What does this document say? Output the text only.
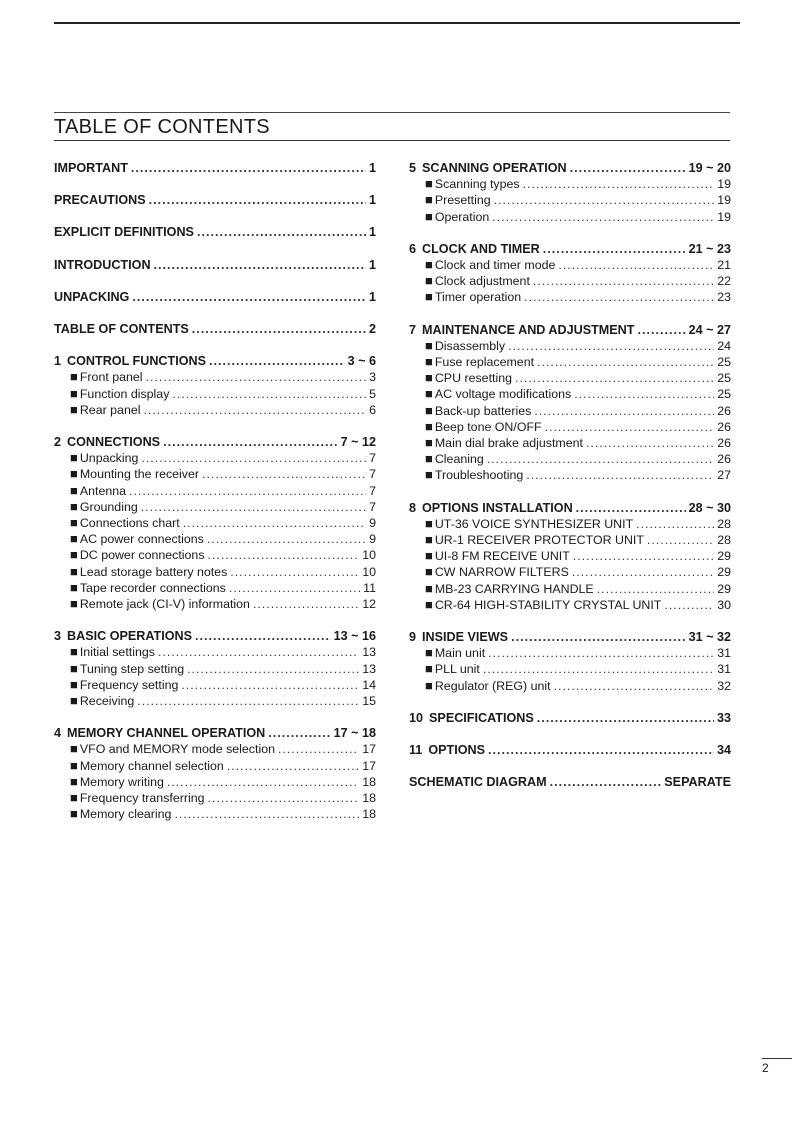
TABLE OF CONTENTS
IMPORTANT .....	1
PRECAUTIONS .....	1
EXPLICIT DEFINITIONS .....	1
INTRODUCTION .....	1
UNPACKING .....	1
TABLE OF CONTENTS .....	2
1 CONTROL FUNCTIONS .....	3 ~ 6
■ Front panel .....	3
■ Function display .....	5
■ Rear panel .....	6
2 CONNECTIONS .....	7 ~ 12
■ Unpacking .....	7
■ Mounting the receiver .....	7
■ Antenna .....	7
■ Grounding .....	7
■ Connections chart .....	9
■ AC power connections .....	9
■ DC power connections .....	10
■ Lead storage battery notes .....	10
■ Tape recorder connections .....	11
■ Remote jack (CI-V) information .....	12
3 BASIC OPERATIONS .....	13 ~ 16
■ Initial settings .....	13
■ Tuning step setting .....	13
■ Frequency setting .....	14
■ Receiving .....	15
4 MEMORY CHANNEL OPERATION .....	17 ~ 18
■ VFO and MEMORY mode selection .....	17
■ Memory channel selection .....	17
■ Memory writing .....	18
■ Frequency transferring .....	18
■ Memory clearing .....	18
5 SCANNING OPERATION .....	19 ~ 20
■ Scanning types .....	19
■ Presetting .....	19
■ Operation .....	19
6 CLOCK AND TIMER .....	21 ~ 23
■ Clock and timer mode .....	21
■ Clock adjustment .....	22
■ Timer operation .....	23
7 MAINTENANCE AND ADJUSTMENT .....	24 ~ 27
■ Disassembly .....	24
■ Fuse replacement .....	25
■ CPU resetting .....	25
■ AC voltage modifications .....	25
■ Back-up batteries .....	26
■ Beep tone ON/OFF .....	26
■ Main dial brake adjustment .....	26
■ Cleaning .....	26
■ Troubleshooting .....	27
8 OPTIONS INSTALLATION .....	28 ~ 30
■ UT-36 VOICE SYNTHESIZER UNIT .....	28
■ UR-1 RECEIVER PROTECTOR UNIT .....	28
■ UI-8 FM RECEIVE UNIT .....	29
■ CW NARROW FILTERS .....	29
■ MB-23 CARRYING HANDLE .....	29
■ CR-64 HIGH-STABILITY CRYSTAL UNIT .....	30
9 INSIDE VIEWS .....	31 ~ 32
■ Main unit .....	31
■ PLL unit .....	31
■ Regulator (REG) unit .....	32
10 SPECIFICATIONS .....	33
11 OPTIONS .....	34
SCHEMATIC DIAGRAM .....	SEPARATE
2
